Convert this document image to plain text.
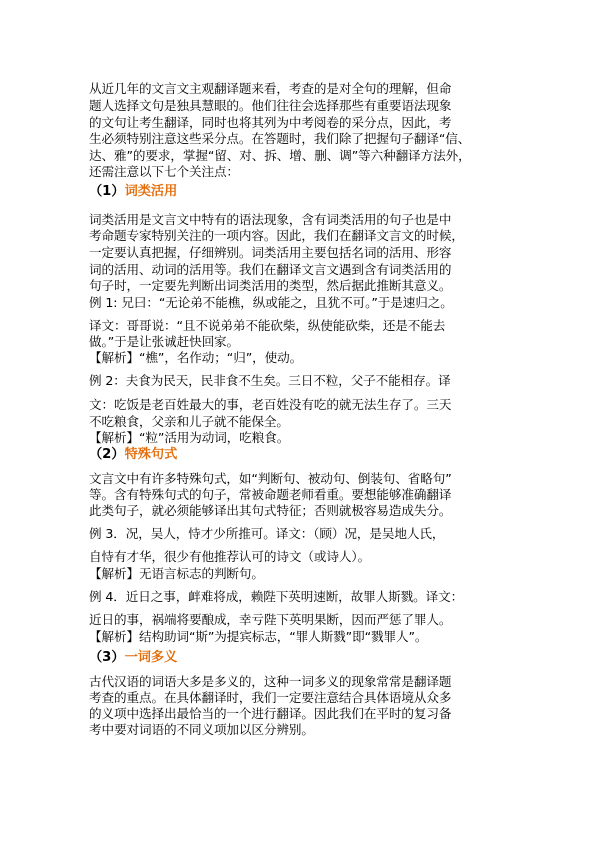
从近几年的文言文主观翻译题来看，考查的是对全句的理解，但命
题人选择文句是独具慧眼的。他们往往会选择那些有重要语法现象
的文句让考生翻译，同时也将其列为中考阅卷的采分点，因此，考
生必须特别注意这些采分点。在答题时，我们除了把握句子翻译“信、
达、雅”的要求，掌握“留、对、拆、增、删、调”等六种翻译方法外，
还需注意以下七个关注点：
（1）词类活用
词类活用是文言文中特有的语法现象，含有词类活用的句子也是中
考命题专家特别关注的一项内容。因此，我们在翻译文言文的时候，
一定要认真把握，仔细辨别。词类活用主要包括名词的活用、形容
词的活用、动词的活用等。我们在翻译文言文遇到含有词类活用的
句子时，一定要先判断出词类活用的类型，然后据此推断其意义。
例 1: 兄曰：“无论弟不能樵，纵或能之，且犹不可。”于是速归之。
译文：哥哥说：“且不说弟弟不能砍柴，纵使能砍柴，还是不能去
做。”于是让张诚赶快回家。
【解析】“樵”，名作动；“归”，使动。
例 2：夫食为民天，民非食不生矣。三日不粒，父子不能相存。译
文：吃饭是老百姓最大的事，老百姓没有吃的就无法生存了。三天
不吃粮食，父亲和儿子就不能保全。
【解析】“粒”活用为动词，吃粮食。
（2）特殊句式
文言文中有许多特殊句式，如“判断句、被动句、倒装句、省略句”
等。含有特殊句式的句子，常被命题老师看重。要想能够准确翻译
此类句子，就必须能够译出其句式特征；否则就极容易造成失分。
例 3．况，吴人，恃才少所推可。译文：（顾）况，是吴地人氏，
自恃有才华，很少有他推荐认可的诗文（或诗人）。
【解析】无语言标志的判断句。
例 4．近日之事，衅难将成，赖陛下英明速断，故罪人斯戮。译文：
近日的事，祸端将要酿成，幸亏陛下英明果断，因而严惩了罪人。
【解析】结构助词“斯”为提宾标志，“罪人斯戮”即“戮罪人”。
（3）一词多义
古代汉语的词语大多是多义的，这种一词多义的现象常常是翻译题
考查的重点。在具体翻译时，我们一定要注意结合具体语境从众多
的义项中选择出最恰当的一个进行翻译。因此我们在平时的复习备
考中要对词语的不同义项加以区分辨别。
